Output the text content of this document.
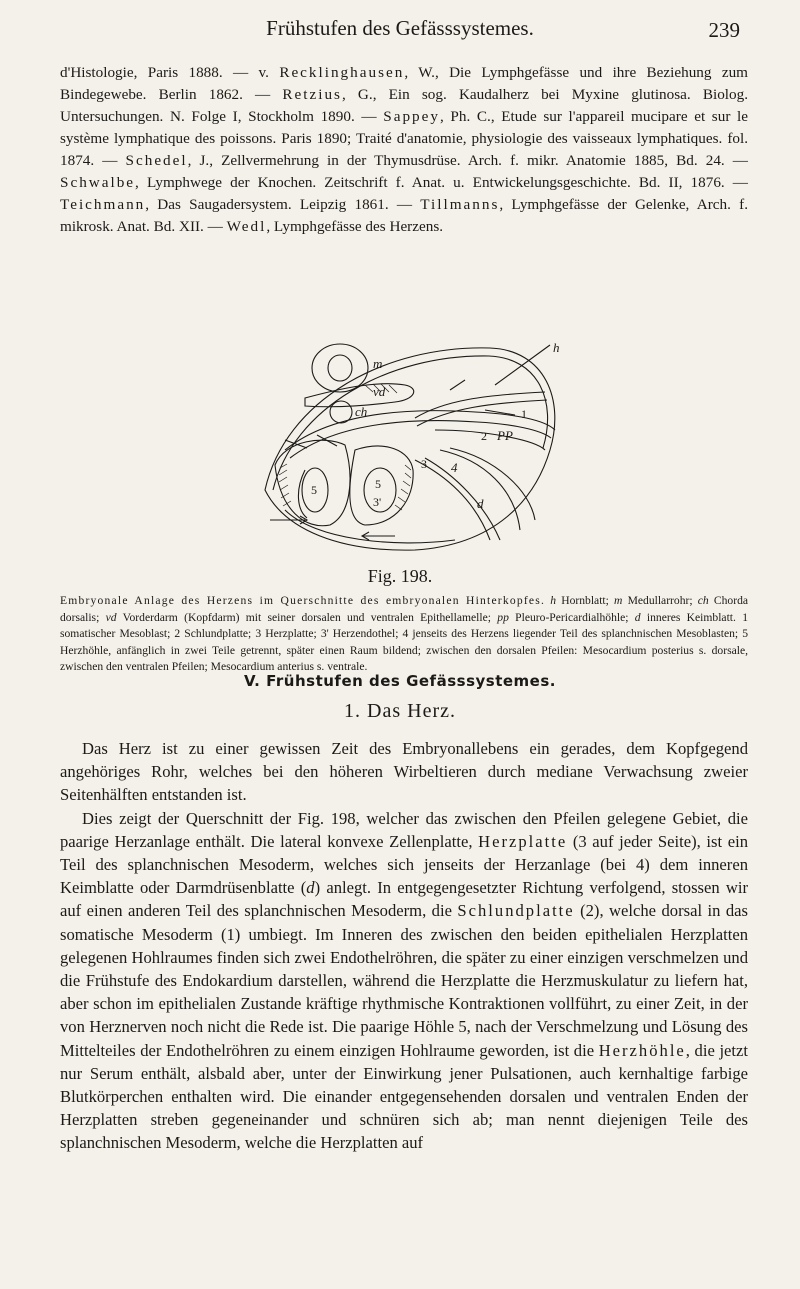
Frühstufen des Gefässsystemes.	239
d'Histologie, Paris 1888. — v. Recklinghausen, W., Die Lymphgefässe und ihre Beziehung zum Bindegewebe. Berlin 1862. — Retzius, G., Ein sog. Kaudalherz bei Myxine glutinosa. Biolog. Untersuchungen. N. Folge I, Stockholm 1890. — Sappey, Ph. C., Etude sur l'appareil mucipare et sur le système lymphatique des poissons. Paris 1890; Traité d'anatomie, physiologie des vaisseaux lymphatiques. fol. 1874. — Schedel, J., Zellvermehrung in der Thymusdrüse. Arch. f. mikr. Anatomie 1885, Bd. 24. — Schwalbe, Lymphwege der Knochen. Zeitschrift f. Anat. u. Entwickelungsgeschichte. Bd. II, 1876. — Teichmann, Das Saugadersystem. Leipzig 1861. — Tillmanns, Lymphgefässe der Gelenke, Arch. f. mikrosk. Anat. Bd. XII. — Wedl, Lymphgefässe des Herzens.
h
m
vd
ch	1
2 PP
3 4
d
5	5
3'
Fig. 198.
Embryonale Anlage des Herzens im Querschnitte des embryonalen Hinterkopfes. h Hornblatt; m Medullarrohr; ch Chorda dorsalis; vd Vorderdarm (Kopfdarm) mit seiner dorsalen und ventralen Epithellamelle; pp Pleuro-Pericardialhöhle; d inneres Keimblatt. 1 somatischer Mesoblast; 2 Schlundplatte; 3 Herzplatte; 3' Herzendothel; 4 jenseits des Herzens liegender Teil des splanchnischen Mesoblasten; 5 Herzhöhle, anfänglich in zwei Teile getrennt, später einen Raum bildend; zwischen den dorsalen Pfeilen: Mesocardium posterius s. dorsale, zwischen den ventralen Pfeilen; Mesocardium anterius s. ventrale.
V. Frühstufen des Gefässsystemes.
1. Das Herz.

Das Herz ist zu einer gewissen Zeit des Embryonallebens ein gerades, dem Kopfgegend angehöriges Rohr, welches bei den höheren Wirbeltieren durch mediane Verwachsung zweier Seitenhälften entstanden ist.

Dies zeigt der Querschnitt der Fig. 198, welcher das zwischen den Pfeilen gelegene Gebiet, die paarige Herzanlage enthält. Die lateral konvexe Zellenplatte, Herzplatte (3 auf jeder Seite), ist ein Teil des splanchnischen Mesoderm, welches sich jenseits der Herzanlage (bei 4) dem inneren Keimblatte oder Darmdrüsenblatte (d) anlegt. In entgegengesetzter Richtung verfolgend, stossen wir auf einen anderen Teil des splanchnischen Mesoderm, die Schlundplatte (2), welche dorsal in das somatische Mesoderm (1) umbiegt. Im Inneren des zwischen den beiden epithelialen Herzplatten gelegenen Hohlraumes finden sich zwei Endothelröhren, die später zu einer einzigen verschmelzen und die Frühstufe des Endokardium darstellen, während die Herzplatte die Herzmuskulatur zu liefern hat, aber schon im epithelialen Zustande kräftige rhythmische Kontraktionen vollführt, zu einer Zeit, in der von Herznerven noch nicht die Rede ist. Die paarige Höhle 5, nach der Verschmelzung und Lösung des Mittelteiles der Endothelröhren zu einem einzigen Hohlraume geworden, ist die Herzhöhle, die jetzt nur Serum enthält, alsbald aber, unter der Einwirkung jener Pulsationen, auch kernhaltige farbige Blutkörperchen enthalten wird. Die einander entgegensehenden dorsalen und ventralen Enden der Herzplatten streben gegeneinander und schnüren sich ab; man nennt diejenigen Teile des splanchnischen Mesoderm, welche die Herzplatten auf
